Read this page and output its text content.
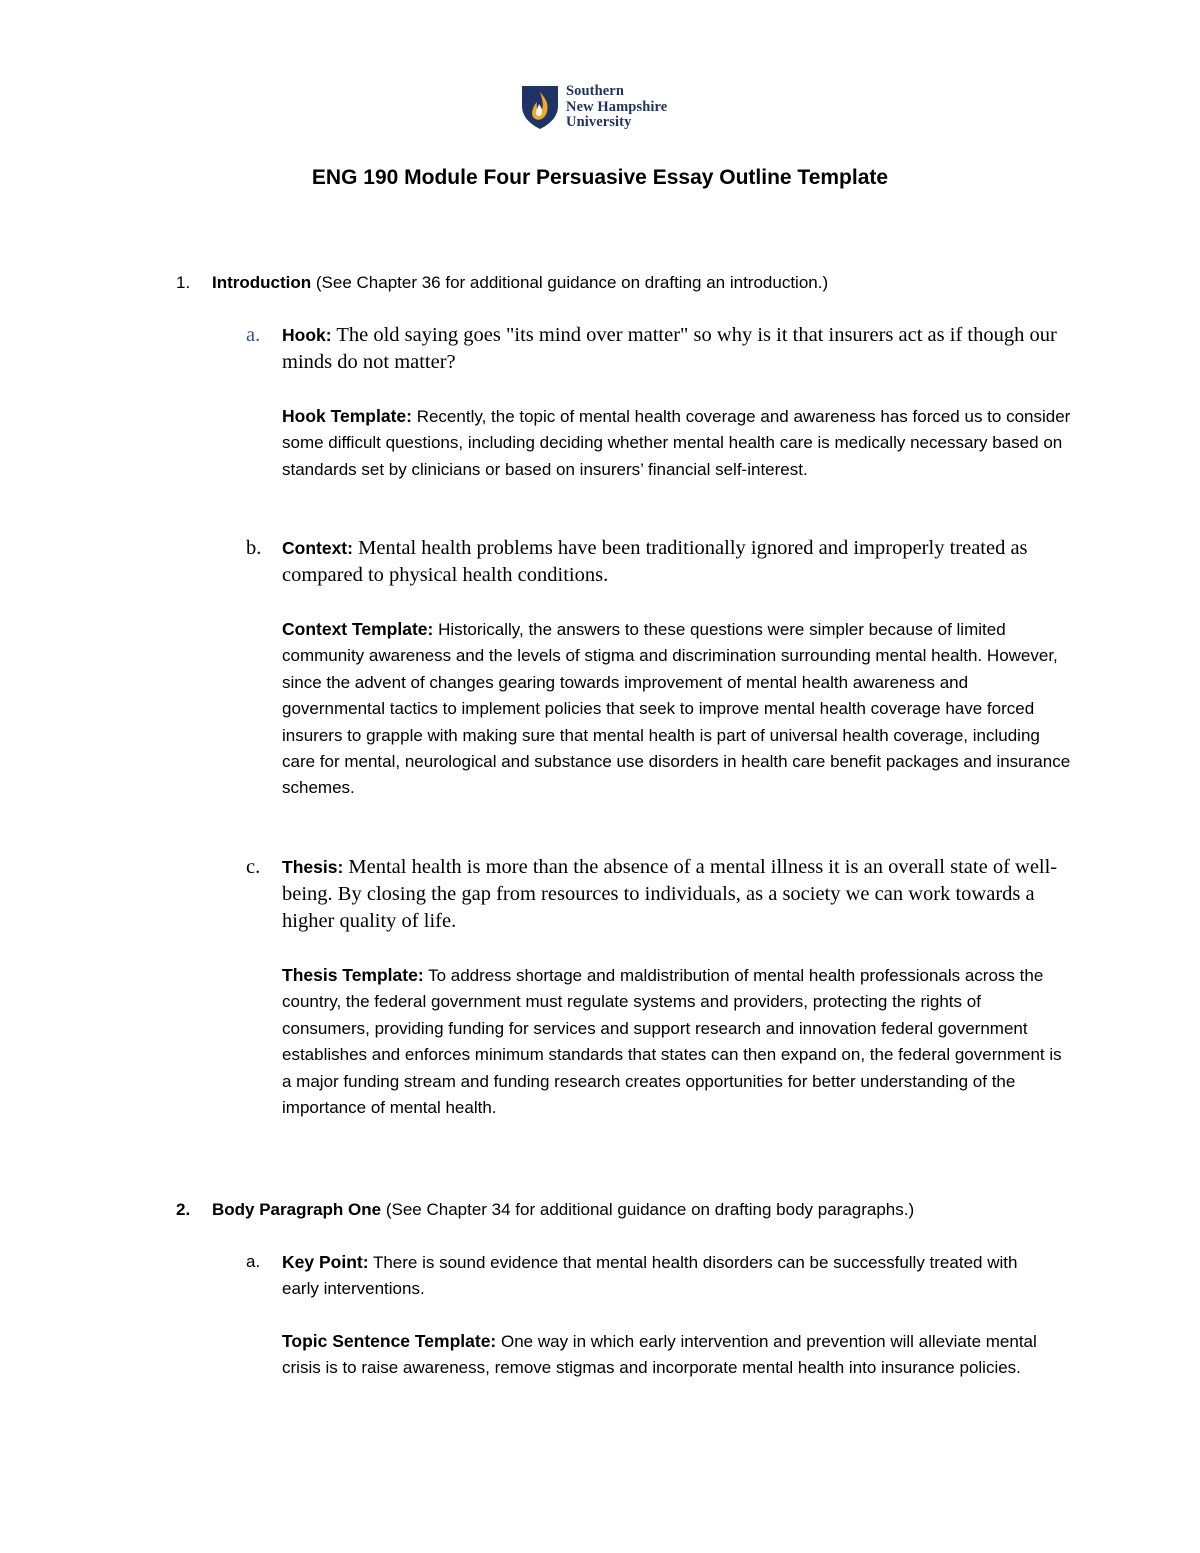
Southern
New Hampshire
University
ENG 190 Module Four Persuasive Essay Outline Template
1. Introduction (See Chapter 36 for additional guidance on drafting an introduction.)
a.	Hook: The old saying goes "its mind over matter" so why is it that insurers act as if though our minds do not matter?
Hook Template: Recently, the topic of mental health coverage and awareness has forced us to consider some difficult questions, including deciding whether mental health care is medically necessary based on standards set by clinicians or based on insurers’ financial self-interest.
b.	Context: Mental health problems have been traditionally ignored and improperly treated as compared to physical health conditions.
Context Template: Historically, the answers to these questions were simpler because of limited community awareness and the levels of stigma and discrimination surrounding mental health. However, since the advent of changes gearing towards improvement of mental health awareness and governmental tactics to implement policies that seek to improve mental health coverage have forced insurers to grapple with making sure that mental health is part of universal health coverage, including care for mental, neurological and substance use disorders in health care benefit packages and insurance schemes.
c.	Thesis: Mental health is more than the absence of a mental illness it is an overall state of well-being. By closing the gap from resources to individuals, as a society we can work towards a higher quality of life.
Thesis Template: To address shortage and maldistribution of mental health professionals across the country, the federal government must regulate systems and providers, protecting the rights of consumers, providing funding for services and support research and innovation federal government establishes and enforces minimum standards that states can then expand on, the federal government is a major funding stream and funding research creates opportunities for better understanding of the importance of mental health.
2. Body Paragraph One (See Chapter 34 for additional guidance on drafting body paragraphs.)
a.	Key Point: There is sound evidence that mental health disorders can be successfully treated with early interventions.
Topic Sentence Template: One way in which early intervention and prevention will alleviate mental crisis is to raise awareness, remove stigmas and incorporate mental health into insurance policies.
